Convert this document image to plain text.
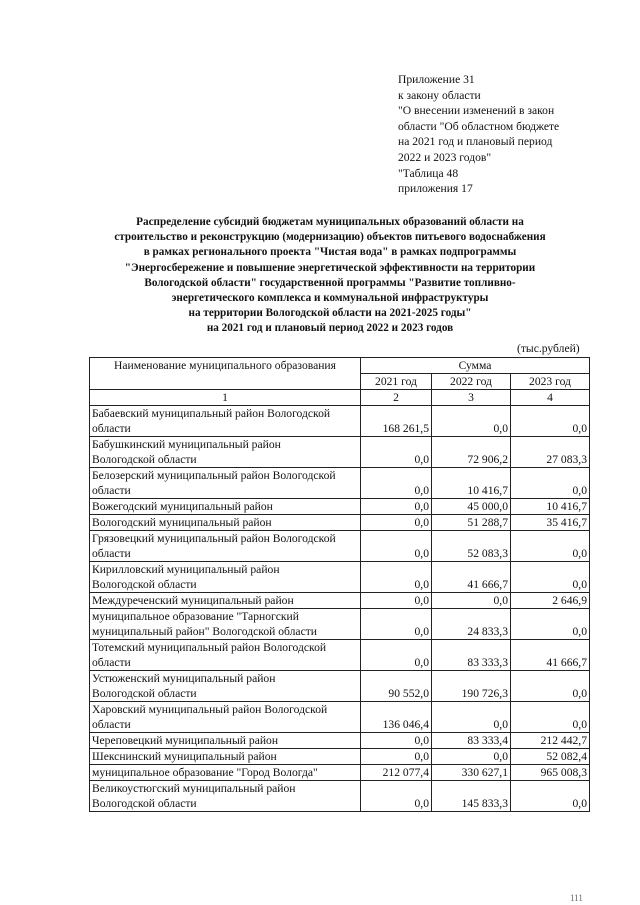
Приложение 31
к закону области
"О внесении изменений в закон
области "Об областном бюджете
на 2021 год и плановый период
2022 и 2023 годов"
"Таблица 48
приложения 17
Распределение субсидий бюджетам муниципальных образований области на
строительство и реконструкцию (модернизацию) объектов питьевого водоснабжения
в рамках регионального проекта "Чистая вода" в рамках подпрограммы
"Энергосбережение и повышение энергетической эффективности на территории
Вологодской области" государственной программы "Развитие топливно-
энергетического комплекса и коммунальной инфраструктуры
на территории Вологодской области на 2021-2025 годы"
на 2021 год и плановый период 2022 и 2023 годов
(тыс.рублей)
Наименование муниципального образования	Сумма		
	2021 год	2022 год	2023 год
1	2	3	4

Бабаевский муниципальный район Вологодской
области	168 261,5	0,0	0,0

Бабушкинский муниципальный район
Вологодской области	0,0	72 906,2	27 083,3

Белозерский муниципальный район Вологодской
области	0,0	10 416,7	0,0

Вожегодский муниципальный район	0,0	45 000,0	10 416,7

Вологодский муниципальный район	0,0	51 288,7	35 416,7

Грязовецкий муниципальный район Вологодской
области	0,0	52 083,3	0,0

Кирилловский муниципальный район
Вологодской области	0,0	41 666,7	0,0

Междуреченский муниципальный район	0,0	0,0	2 646,9

муниципальное образование "Тарногский
муниципальный район" Вологодской области	0,0	24 833,3	0,0

Тотемский муниципальный район Вологодской
области	0,0	83 333,3	41 666,7

Устюженский муниципальный район
Вологодской области	90 552,0	190 726,3	0,0

Харовский муниципальный район Вологодской
области	136 046,4	0,0	0,0

Череповецкий муниципальный район	0,0	83 333,4	212 442,7

Шекснинский муниципальный район	0,0	0,0	52 082,4

муниципальное образование "Город Вологда"	212 077,4	330 627,1	965 008,3

Великоустюгский муниципальный район
Вологодской области	0,0	145 833,3	0,0
111
